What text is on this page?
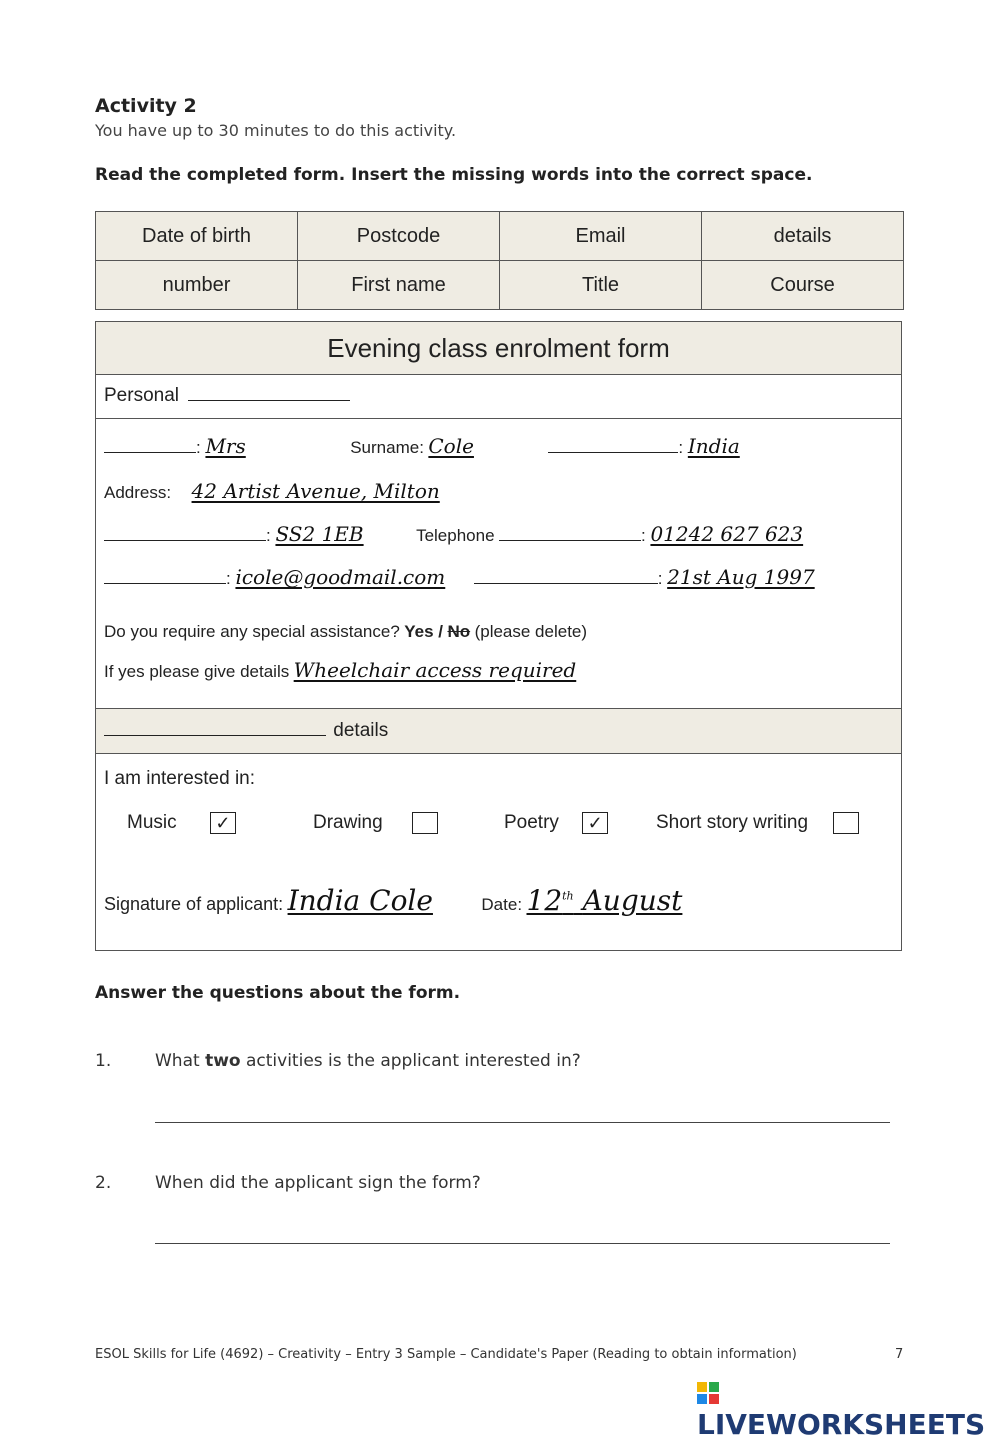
Activity 2
You have up to 30 minutes to do this activity.
Read the completed form. Insert the missing words into the correct space.
Date of birth	Postcode	Email	details
number	First name	Title	Course
Evening class enrolment form
Personal
: Mrs	Surname: Cole	: India
Address: 42 Artist Avenue, Milton
: SS2 1EB	Telephone	: 01242 627 623
: icole@goodmail.com	: 21st Aug 1997
Do you require any special assistance? Yes / No (please delete)
If yes please give details Wheelchair access required
details
I am interested in:
Music ✓	Drawing	Poetry ✓	Short story writing
Signature of applicant: India Cole	Date: 12th August
Answer the questions about the form.
1.	What two activities is the applicant interested in?
2.	When did the applicant sign the form?
ESOL Skills for Life (4692) – Creativity – Entry 3 Sample – Candidate's Paper (Reading to obtain information)	7
LIVEWORKSHEETS
